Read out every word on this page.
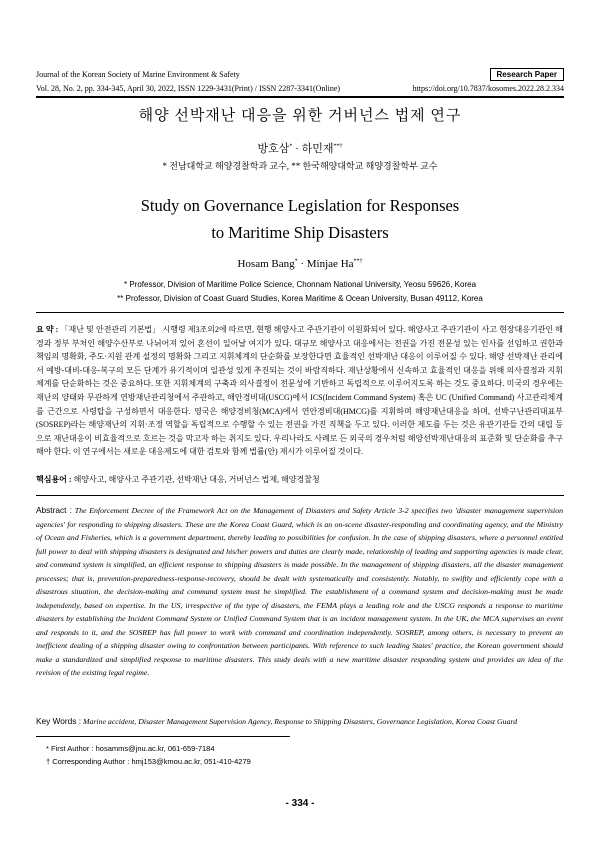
Journal of the Korean Society of Marine Environment & Safety	Research Paper
Vol. 28, No. 2, pp. 334-345, April 30, 2022, ISSN 1229-3431(Print) / ISSN 2287-3341(Online)	https://doi.org/10.7837/kosomes.2022.28.2.334
해양 선박재난 대응을 위한 거버넌스 법제 연구
방호삼* · 하민재**†
* 전남대학교 해양경찰학과 교수, ** 한국해양대학교 해양경찰학부 교수
Study on Governance Legislation for Responses
to Maritime Ship Disasters
Hosam Bang* · Minjae Ha**†
* Professor, Division of Maritime Police Science, Chonnam National University, Yeosu 59626, Korea
** Professor, Division of Coast Guard Studies, Korea Maritime & Ocean University, Busan 49112, Korea
요 약 : 「재난 및 안전관리 기본법」 시행령 제3조의2에 따르면, 현행 해양사고 주관기관이 이원화되어 있다. 해양사고 주관기관이 사고 현장대응기관인 해경과 정부 부처인 해양수산부로 나뉘어져 있어 혼선이 일어날 여지가 있다. 대규모 해양사고 대응에서는 전권을 가진 전문성 있는 인사를 선임하고 권한과 책임의 명확화, 주도·지원 관계 설정의 명확화 그리고 지휘체계의 단순화를 보장한다면 효율적인 선박재난 대응이 이루어질 수 있다. 해양 선박재난 관리에서 예방-대비-대응-복구의 모든 단계가 유기적이며 일관성 있게 추진되는 것이 바람직하다. 재난상황에서 신속하고 효율적인 대응을 위해 의사결정과 지휘체계를 단순화하는 것은 중요하다. 또한 지휘체계의 구축과 의사결정이 전문성에 기반하고 독립적으로 이루어지도록 하는 것도 중요하다. 미국의 경우에는 재난의 양태와 무관하게 연방재난관리청에서 주관하고, 해안경비대(USCG)에서 ICS(Incident Command System) 혹은 UC (Unified Command) 사고관리체계를 근간으로 사령탑을 구성하면서 대응한다. 영국은 해양경비청(MCA)에서 연안경비대(HMCG)를 지휘하며 해양재난대응을 하며, 선박구난관리대표부(SOSREP)라는 해양재난의 지휘·조정 역할을 독립적으로 수행할 수 있는 전권을 가진 직책을 두고 있다. 이러한 제도를 두는 것은 유관기관들 간의 대립 등으로 재난대응이 비효율적으로 흐르는 것을 막고자 하는 취지도 있다. 우리나라도 사례로 든 외국의 경우처럼 해양선박재난대응의 표준화 및 단순화를 추구해야 한다. 이 연구에서는 새로운 대응제도에 대한 검토와 함께 법률(안) 제시가 이루어질 것이다.
핵심용어 : 해양사고, 해양사고 주관기관, 선박재난 대응, 거버넌스 법제, 해양경찰청
Abstract : The Enforcement Decree of the Framework Act on the Management of Disasters and Safety Article 3-2 specifies two 'disaster management supervision agencies' for responding to shipping disasters. These are the Korea Coast Guard, which is an on-scene disaster-responding and coordinating agency, and the Ministry of Ocean and Fisheries, which is a government department, thereby leading to possibilities for confusion. In the case of shipping disasters, where a personnel entitled full power to deal with shipping disasters is designated and his/her powers and duties are clearly made, relationship of leading and supporting agencies is made clear, and command system is simplified, an efficient response to shipping disasters is made possible. In the management of shipping disasters, all the disaster management processes; that is, prevention-preparedness-response-recovery, should be dealt with systematically and consistently. Notably, to swiftly and efficiently cope with a disastrous situation, the decision-making and command system must be simplified. The establishment of a command system and decision-making must be made independently, based on expertise. In the US, irrespective of the type of disasters, the FEMA plays a leading role and the USCG responds a response to maritime disasters by establishing the Incident Command System or Unified Command System that is an incident management system. In the UK, the MCA supervises an event and responds to it, and the SOSREP has full power to work with command and coordination independently. SOSREP, among others, is necessary to prevent an inefficient dealing of a shipping disaster owing to confrontation between participants. With reference to such leading States' practice, the Korean government should make a standardized and simplified response to maritime disasters. This study deals with a new maritime disaster responding system and provides an idea of the revision of the existing legal regime.
Key Words : Marine accident, Disaster Management Supervision Agency, Response to Shipping Disasters, Governance Legislation, Korea Coast Guard
* First Author : hosamms@jnu.ac.kr, 061-659-7184
† Corresponding Author : hmj153@kmou.ac.kr, 051-410-4279
- 334 -
